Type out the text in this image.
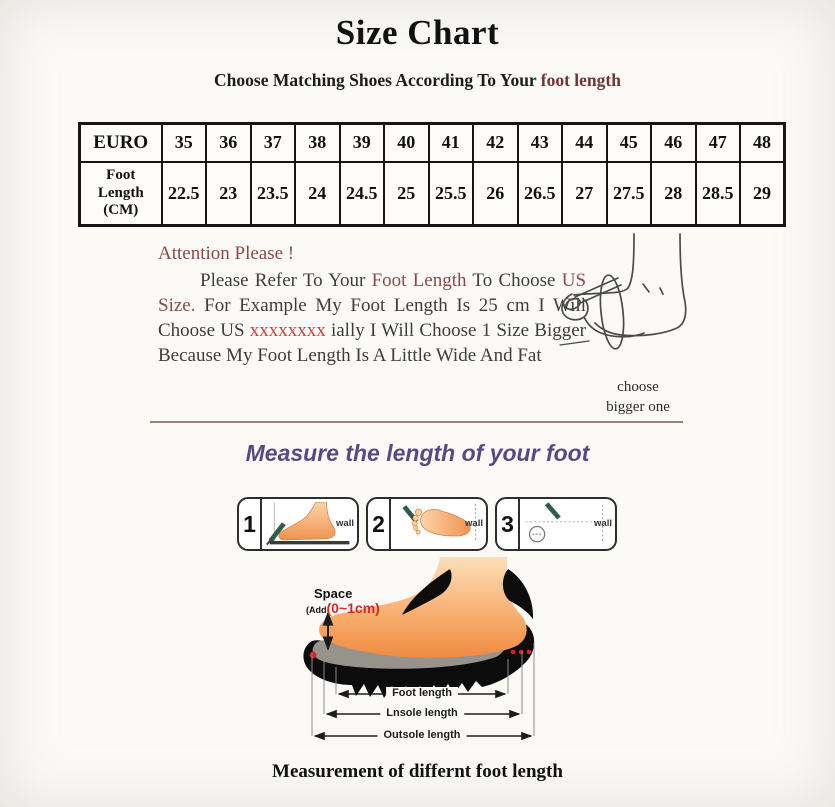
Size Chart
Choose Matching Shoes According To Your foot length
EURO	35	36	37	38	39	40	41	42	43	44	45	46	47	48

Foot
Length
(CM)	22.5	23	23.5	24	24.5	25	25.5	26	26.5	27	27.5	28	28.5	29

Attention Please !

Please Refer To Your Foot Length To Choose US Size. For Example My Foot Length Is 25 cm I Will Choose US xxxxxxxx ially I Will Choose 1 Size Bigger Because My Foot Length Is A Little Wide And Fat

choose
bigger one
Measure the length of your foot
1	wall 2	wall 3	wall
Space
(Add(0~1cm)
Foot length
Lnsole length
Outsole length
Measurement of differnt foot length
